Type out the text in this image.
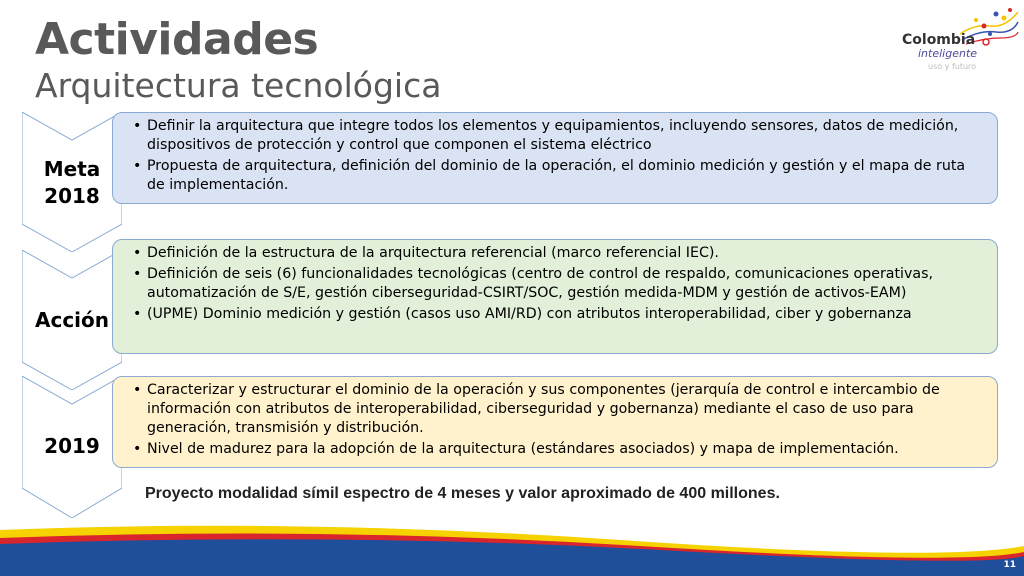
Actividades
Arquitectura tecnológica
Colombia
inteligente
uso y futuro
Meta
2018
• Definir la arquitectura que integre todos los elementos y equipamientos, incluyendo sensores, datos de medición, dispositivos de protección y control que componen el sistema eléctrico
• Propuesta de arquitectura, definición del dominio de la operación, el dominio medición y gestión y el mapa de ruta de implementación.
Acción
• Definición de la estructura de la arquitectura referencial (marco referencial IEC).
• Definición de seis (6) funcionalidades tecnológicas (centro de control de respaldo, comunicaciones operativas, automatización de S/E, gestión ciberseguridad-CSIRT/SOC, gestión medida-MDM y gestión de activos-EAM)
• (UPME) Dominio medición y gestión (casos uso AMI/RD) con atributos interoperabilidad, ciber y gobernanza
2019
• Caracterizar y estructurar el dominio de la operación y sus componentes (jerarquía de control e intercambio de información con atributos de interoperabilidad, ciberseguridad y gobernanza) mediante el caso de uso para generación, transmisión y distribución.
• Nivel de madurez para la adopción de la arquitectura (estándares asociados) y mapa de implementación.
Proyecto modalidad símil espectro de 4 meses y valor aproximado de 400 millones.
11
